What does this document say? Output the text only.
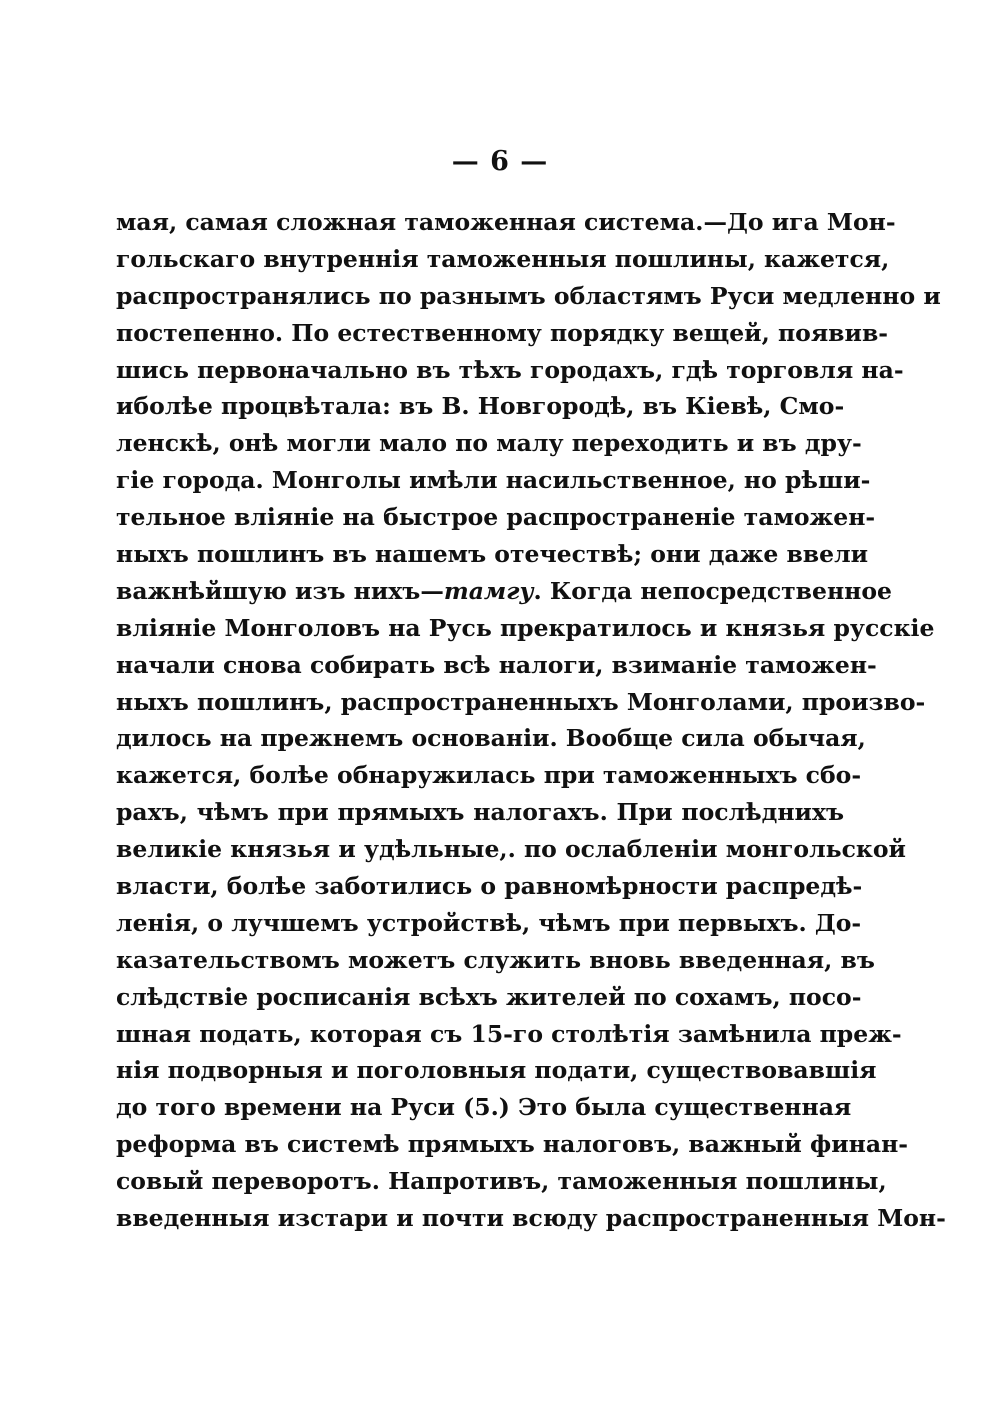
— 6 —
мая, самая сложная таможенная система.—До ига Мон-
гольскаго внутреннія таможенныя пошлины, кажется,
распространялись по разнымъ областямъ Руси медленно и
постепенно. По естественному порядку вещей, появив-
шись первоначально въ тѣхъ городахъ, гдѣ торговля на-
иболѣе процвѣтала: въ В. Новгородѣ, въ Кіевѣ, Смо-
ленскѣ, онѣ могли мало по малу переходить и въ дру-
гіе города. Монголы имѣли насильственное, но рѣши-
тельное вліяніе на быстрое распространеніе таможен-
ныхъ пошлинъ въ нашемъ отечествѣ; они даже ввели
важнѣйшую изъ нихъ—тамгу. Когда непосредственное
вліяніе Монголовъ на Русь прекратилось и князья русскіе
начали снова собирать всѣ налоги, взиманіе таможен-
ныхъ пошлинъ, распространенныхъ Монголами, произво-
дилось на прежнемъ основаніи. Вообще сила обычая,
кажется, болѣе обнаружилась при таможенныхъ сбо-
рахъ, чѣмъ при прямыхъ налогахъ. При послѣднихъ
великіе князья и удѣльные,. по ослабленіи монгольской
власти, болѣе заботились о равномѣрности распредѣ-
ленія, о лучшемъ устройствѣ, чѣмъ при первыхъ. До-
казательствомъ можетъ служить вновь введенная, въ
слѣдствіе росписанія всѣхъ жителей по сохамъ, посо-
шная подать, которая съ 15-го столѣтія замѣнила преж-
нія подворныя и поголовныя подати, существовавшія
до того времени на Руси (5.) Это была существенная
реформа въ системѣ прямыхъ налоговъ, важный финан-
совый переворотъ. Напротивъ, таможенныя пошлины,
введенныя изстари и почти всюду распространенныя Мон-
